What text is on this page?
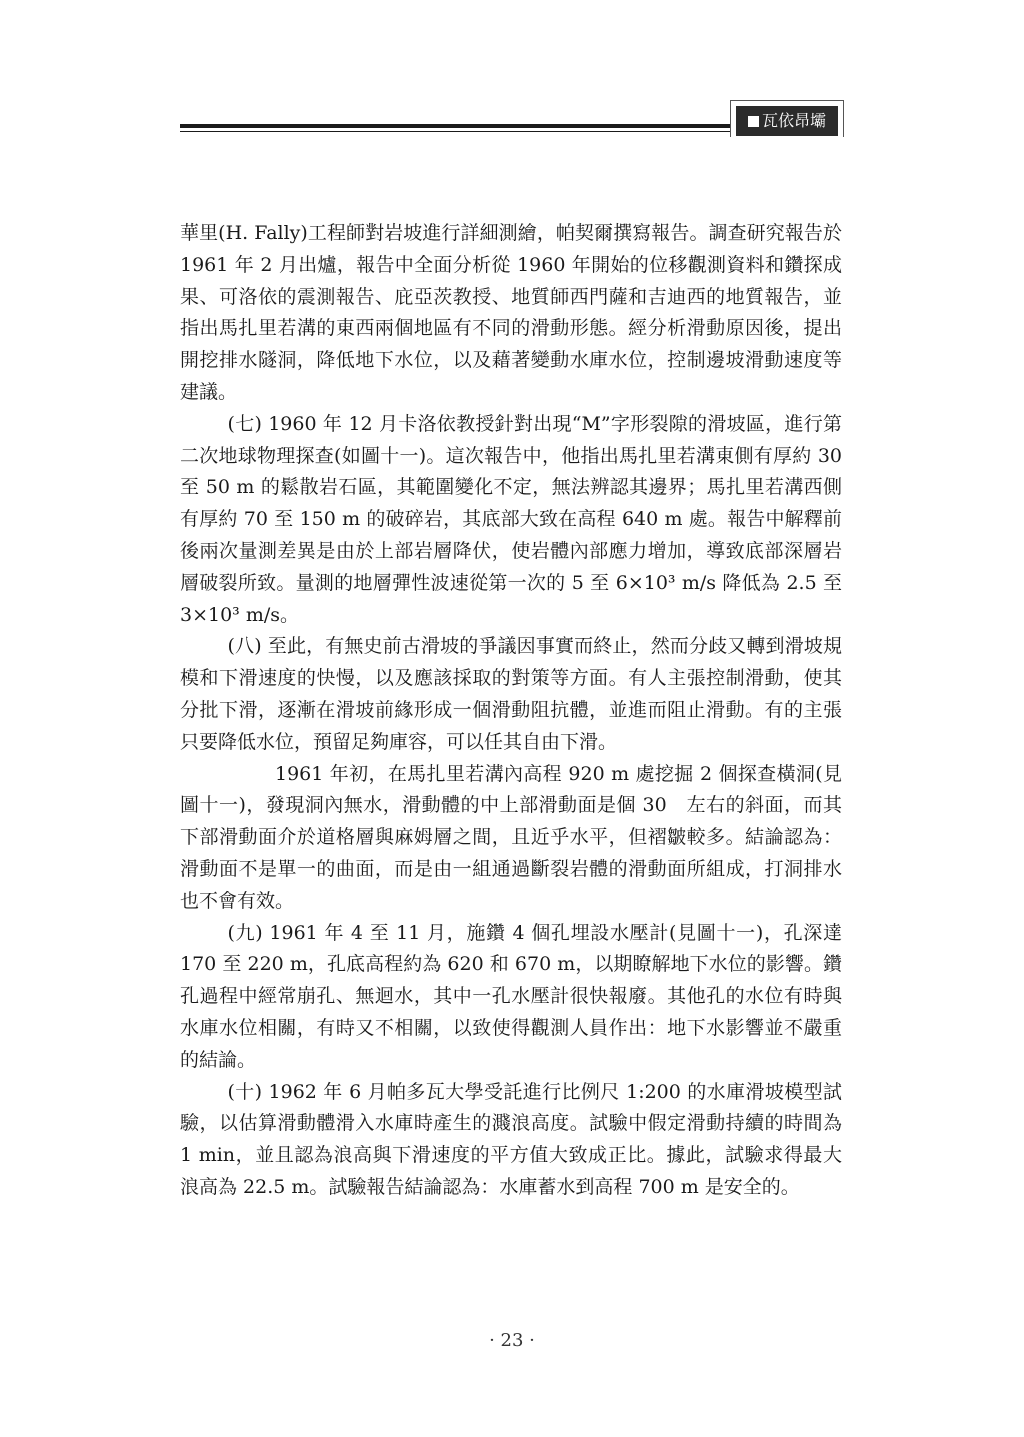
瓦依昂壩

華里(H. Fally)工程師對岩坡進行詳細測繪，帕契爾撰寫報告。調查研究報告於 1961 年 2 月出爐，報告中全面分析從 1960 年開始的位移觀測資料和鑽探成果、可洛依的震測報告、庇亞茨教授、地質師西門薩和吉迪西的地質報告，並指出馬扎里若溝的東西兩個地區有不同的滑動形態。經分析滑動原因後，提出開挖排水隧洞，降低地下水位，以及藉著變動水庫水位，控制邊坡滑動速度等建議。

(七) 1960 年 12 月卡洛依教授針對出現“M”字形裂隙的滑坡區，進行第二次地球物理探查(如圖十一)。這次報告中，他指出馬扎里若溝東側有厚約 30 至 50 m 的鬆散岩石區，其範圍變化不定，無法辨認其邊界；馬扎里若溝西側有厚約 70 至 150 m 的破碎岩，其底部大致在高程 640 m 處。報告中解釋前後兩次量測差異是由於上部岩層降伏，使岩體內部應力增加，導致底部深層岩層破裂所致。量測的地層彈性波速從第一次的 5 至 6×10³ m/s 降低為 2.5 至 3×10³ m/s。

(八) 至此，有無史前古滑坡的爭議因事實而終止，然而分歧又轉到滑坡規模和下滑速度的快慢，以及應該採取的對策等方面。有人主張控制滑動，使其分批下滑，逐漸在滑坡前緣形成一個滑動阻抗體，並進而阻止滑動。有的主張只要降低水位，預留足夠庫容，可以任其自由下滑。

1961 年初，在馬扎里若溝內高程 920 m 處挖掘 2 個探查橫洞(見圖十一)，發現洞內無水，滑動體的中上部滑動面是個 30　左右的斜面，而其下部滑動面介於道格層與麻姆層之間，且近乎水平，但褶皺較多。結論認為：滑動面不是單一的曲面，而是由一組通過斷裂岩體的滑動面所組成，打洞排水也不會有效。

(九) 1961 年 4 至 11 月，施鑽 4 個孔埋設水壓計(見圖十一)，孔深達 170 至 220 m，孔底高程約為 620 和 670 m，以期瞭解地下水位的影響。鑽孔過程中經常崩孔、無迴水，其中一孔水壓計很快報廢。其他孔的水位有時與水庫水位相關，有時又不相關，以致使得觀測人員作出：地下水影響並不嚴重的結論。

(十) 1962 年 6 月帕多瓦大學受託進行比例尺 1:200 的水庫滑坡模型試驗，以估算滑動體滑入水庫時產生的濺浪高度。試驗中假定滑動持續的時間為 1 min，並且認為浪高與下滑速度的平方值大致成正比。據此，試驗求得最大浪高為 22.5 m。試驗報告結論認為：水庫蓄水到高程 700 m 是安全的。

· 23 ·
